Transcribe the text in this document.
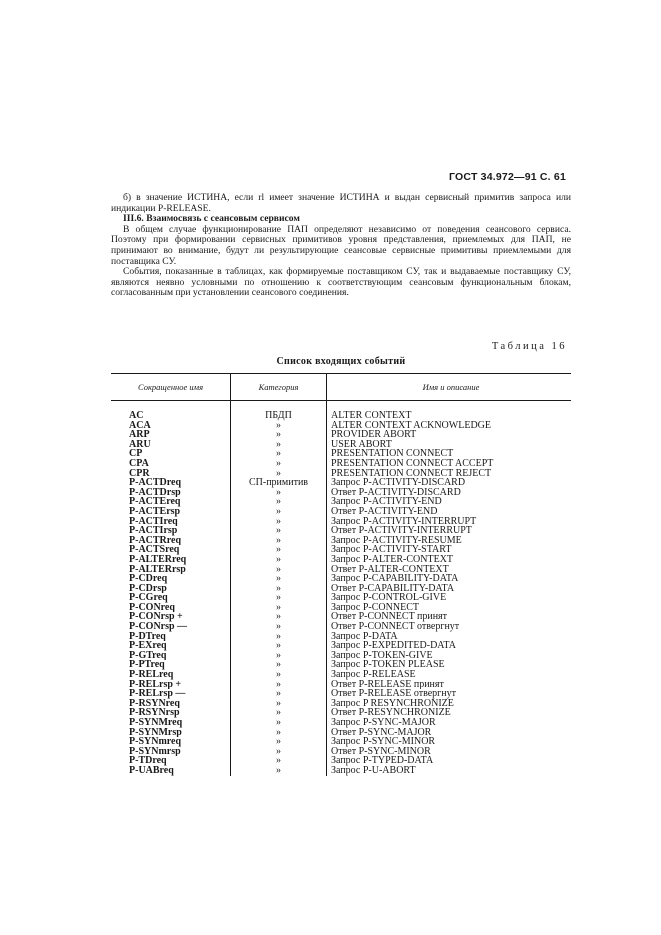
ГОСТ 34.972—91 С. 61

б) в значение ИСТИНА, если rl имеет значение ИСТИНА и выдан сервисный примитив запроса или индикации P-RELEASE.

III.6. Взаимосвязь с сеансовым сервисом

В общем случае функционирование ПАП определяют независимо от поведения сеансового сервиса. Поэтому при формировании сервисных примитивов уровня представления, приемлемых для ПАП, не принимают во внимание, будут ли результирующие сеансовые сервисные примитивы приемлемыми для поставщика СУ.

События, показанные в таблицах, как формируемые поставщиком СУ, так и выдаваемые поставщику СУ, являются неявно условными по отношению к соответствующим сеансовым функциональным блокам, согласованным при установлении сеансового соединения.

Таблица 16
Список входящих событий
Сокращенное имя	Категория	Имя и описание

AC	ПБДП	ALTER CONTEXT
ACA	»	ALTER CONTEXT ACKNOWLEDGE
ARP	»	PROVIDER ABORT
ARU	»	USER ABORT
CP	»	PRESENTATION CONNECT
CPA	»	PRESENTATION CONNECT ACCEPT
CPR	»	PRESENTATION CONNECT REJECT
P-ACTDreq	СП-примитив	Запрос P-ACTIVITY-DISCARD
P-ACTDrsp	»	Ответ P-ACTIVITY-DISCARD
P-ACTEreq	»	Запрос P-ACTIVITY-END
P-ACTErsp	»	Ответ P-ACTIVITY-END
P-ACTIreq	»	Запрос P-ACTIVITY-INTERRUPT
P-ACTIrsp	»	Ответ P-ACTIVITY-INTERRUPT
P-ACTRreq	»	Запрос P-ACTIVITY-RESUME
P-ACTSreq	»	Запрос P-ACTIVITY-START
P-ALTERreq	»	Запрос P-ALTER-CONTEXT
P-ALTERrsp	»	Ответ P-ALTER-CONTEXT
P-CDreq	»	Запрос P-CAPABILITY-DATA
P-CDrsp	»	Ответ P-CAPABILITY-DATA
P-CGreq	»	Запрос P-CONTROL-GIVE
P-CONreq	»	Запрос P-CONNECT
P-CONrsp +	»	Ответ P-CONNECT принят
P-CONrsp —	»	Ответ P-CONNECT отвергнут
P-DTreq	»	Запрос P-DATA
P-EXreq	»	Запрос P-EXPEDITED-DATA
P-GTreq	»	Запрос P-TOKEN-GIVE
P-PTreq	»	Запрос P-TOKEN PLEASE
P-RELreq	»	Запрос P-RELEASE
P-RELrsp +	»	Ответ P-RELEASE принят
P-RELrsp —	»	Ответ P-RELEASE отвергнут
P-RSYNreq	»	Запрос P RESYNCHRONIZE
P-RSYNrsp	»	Ответ P-RESYNCHRONIZE
P-SYNMreq	»	Запрос P-SYNC-MAJOR
P-SYNMrsp	»	Ответ P-SYNC-MAJOR
P-SYNmreq	»	Запрос P-SYNC-MINOR
P-SYNmrsp	»	Ответ P-SYNC-MINOR
P-TDreq	»	Запрос P-TYPED-DATA
P-UABreq	»	Запрос P-U-ABORT
